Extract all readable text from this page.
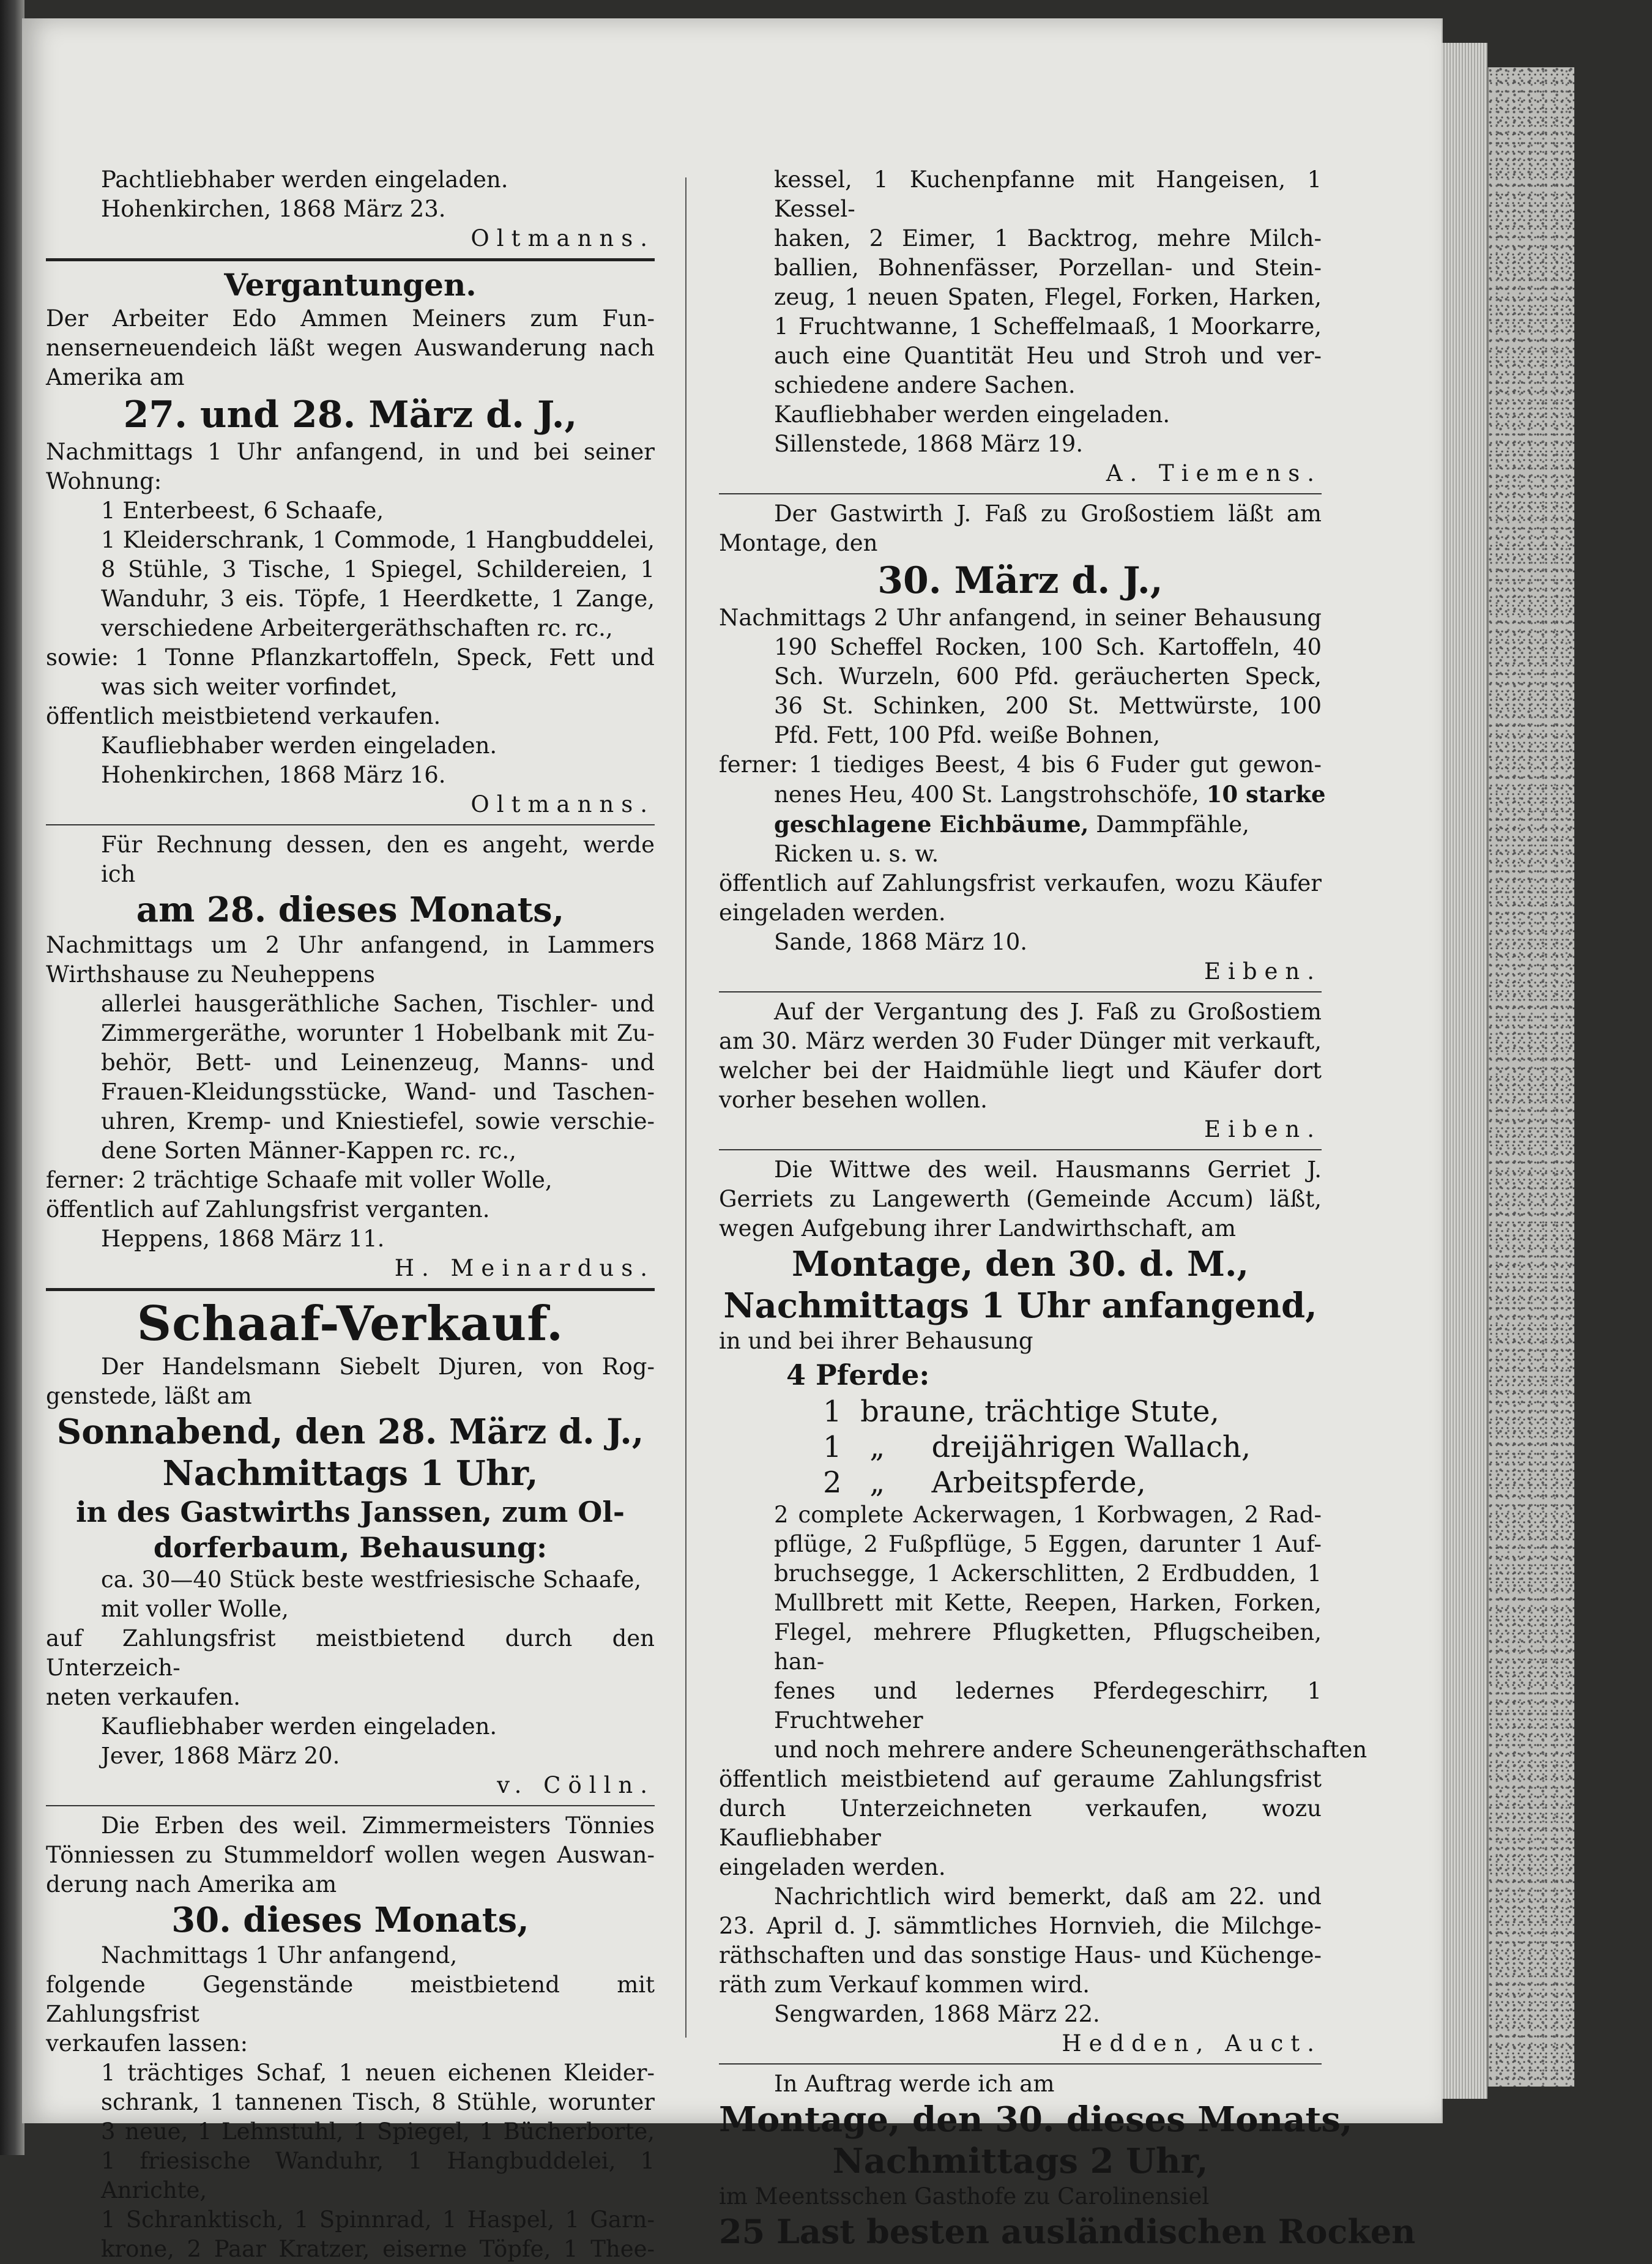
Pachtliebhaber werden eingeladen.

Hohenkirchen, 1868 März 23.

Oltmanns.

Vergantungen.

Der Arbeiter Edo Ammen Meiners zum Fun-

nenserneuendeich läßt wegen Auswanderung nach

Amerika am

27. und 28. März d. J.,

Nachmittags 1 Uhr anfangend, in und bei seiner

Wohnung:

1 Enterbeest, 6 Schaafe,

1 Kleiderschrank, 1 Commode, 1 Hangbuddelei,

8 Stühle, 3 Tische, 1 Spiegel, Schildereien, 1

Wanduhr, 3 eis. Töpfe, 1 Heerdkette, 1 Zange,

verschiedene Arbeitergeräthschaften rc. rc.,

sowie: 1 Tonne Pflanzkartoffeln, Speck, Fett und

was sich weiter vorfindet,

öffentlich meistbietend verkaufen.

Kaufliebhaber werden eingeladen.

Hohenkirchen, 1868 März 16.

Oltmanns.

Für Rechnung dessen, den es angeht, werde ich

am 28. dieses Monats,

Nachmittags um 2 Uhr anfangend, in Lammers

Wirthshause zu Neuheppens

allerlei hausgeräthliche Sachen, Tischler- und

Zimmergeräthe, worunter 1 Hobelbank mit Zu-

behör, Bett- und Leinenzeug, Manns- und

Frauen-Kleidungsstücke, Wand- und Taschen-

uhren, Kremp- und Kniestiefel, sowie verschie-

dene Sorten Männer-Kappen rc. rc.,

ferner: 2 trächtige Schaafe mit voller Wolle,

öffentlich auf Zahlungsfrist verganten.

Heppens, 1868 März 11.

H. Meinardus.

Schaaf-Verkauf.

Der Handelsmann Siebelt Djuren, von Rog-

genstede, läßt am

Sonnabend, den 28. März d. J.,

Nachmittags 1 Uhr,

in des Gastwirths Janssen, zum Ol-

dorferbaum, Behausung:

ca. 30—40 Stück beste westfriesische Schaafe,

mit voller Wolle,

auf Zahlungsfrist meistbietend durch den Unterzeich-

neten verkaufen.

Kaufliebhaber werden eingeladen.

Jever, 1868 März 20.

v. Cölln.

Die Erben des weil. Zimmermeisters Tönnies

Tönniessen zu Stummeldorf wollen wegen Auswan-

derung nach Amerika am

30. dieses Monats,

Nachmittags 1 Uhr anfangend,

folgende Gegenstände meistbietend mit Zahlungsfrist

verkaufen lassen:

1 trächtiges Schaf, 1 neuen eichenen Kleider-

schrank, 1 tannenen Tisch, 8 Stühle, worunter

3 neue, 1 Lehnstuhl, 1 Spiegel, 1 Bücherborte,

1 friesische Wanduhr, 1 Hangbuddelei, 1 Anrichte,

1 Schranktisch, 1 Spinnrad, 1 Haspel, 1 Garn-

krone, 2 Paar Kratzer, eiserne Töpfe, 1 Thee-

kessel, 1 Kuchenpfanne mit Hangeisen, 1 Kessel-

haken, 2 Eimer, 1 Backtrog, mehre Milch-

ballien, Bohnenfässer, Porzellan- und Stein-

zeug, 1 neuen Spaten, Flegel, Forken, Harken,

1 Fruchtwanne, 1 Scheffelmaaß, 1 Moorkarre,

auch eine Quantität Heu und Stroh und ver-

schiedene andere Sachen.

Kaufliebhaber werden eingeladen.

Sillenstede, 1868 März 19.

A. Tiemens.

Der Gastwirth J. Faß zu Großostiem läßt am

Montage, den

30. März d. J.,

Nachmittags 2 Uhr anfangend, in seiner Behausung

190 Scheffel Rocken, 100 Sch. Kartoffeln, 40

Sch. Wurzeln, 600 Pfd. geräucherten Speck,

36 St. Schinken, 200 St. Mettwürste, 100

Pfd. Fett, 100 Pfd. weiße Bohnen,

ferner: 1 tiediges Beest, 4 bis 6 Fuder gut gewon-

nenes Heu, 400 St. Langstrohschöfe, 10 starke

geschlagene Eichbäume, Dammpfähle,

Ricken u. s. w.

öffentlich auf Zahlungsfrist verkaufen, wozu Käufer

eingeladen werden.

Sande, 1868 März 10.

Eiben.

Auf der Vergantung des J. Faß zu Großostiem

am 30. März werden 30 Fuder Dünger mit verkauft,

welcher bei der Haidmühle liegt und Käufer dort

vorher besehen wollen.

Eiben.

Die Wittwe des weil. Hausmanns Gerriet J.

Gerriets zu Langewerth (Gemeinde Accum) läßt,

wegen Aufgebung ihrer Landwirthschaft, am

Montage, den 30. d. M.,

Nachmittags 1 Uhr anfangend,

in und bei ihrer Behausung

4 Pferde:

1 braune, trächtige Stute,

1 „ dreijährigen Wallach,

2 „ Arbeitspferde,

2 complete Ackerwagen, 1 Korbwagen, 2 Rad-

pflüge, 2 Fußpflüge, 5 Eggen, darunter 1 Auf-

bruchsegge, 1 Ackerschlitten, 2 Erdbudden, 1

Mullbrett mit Kette, Reepen, Harken, Forken,

Flegel, mehrere Pflugketten, Pflugscheiben, han-

fenes und ledernes Pferdegeschirr, 1 Fruchtweher

und noch mehrere andere Scheunengeräthschaften

öffentlich meistbietend auf geraume Zahlungsfrist

durch Unterzeichneten verkaufen, wozu Kaufliebhaber

eingeladen werden.

Nachrichtlich wird bemerkt, daß am 22. und

23. April d. J. sämmtliches Hornvieh, die Milchge-

räthschaften und das sonstige Haus- und Küchenge-

räth zum Verkauf kommen wird.

Sengwarden, 1868 März 22.

Hedden, Auct.

In Auftrag werde ich am

Montage, den 30. dieses Monats,

Nachmittags 2 Uhr,

im Meentsschen Gasthofe zu Carolinensiel

25 Last besten ausländischen Rocken
